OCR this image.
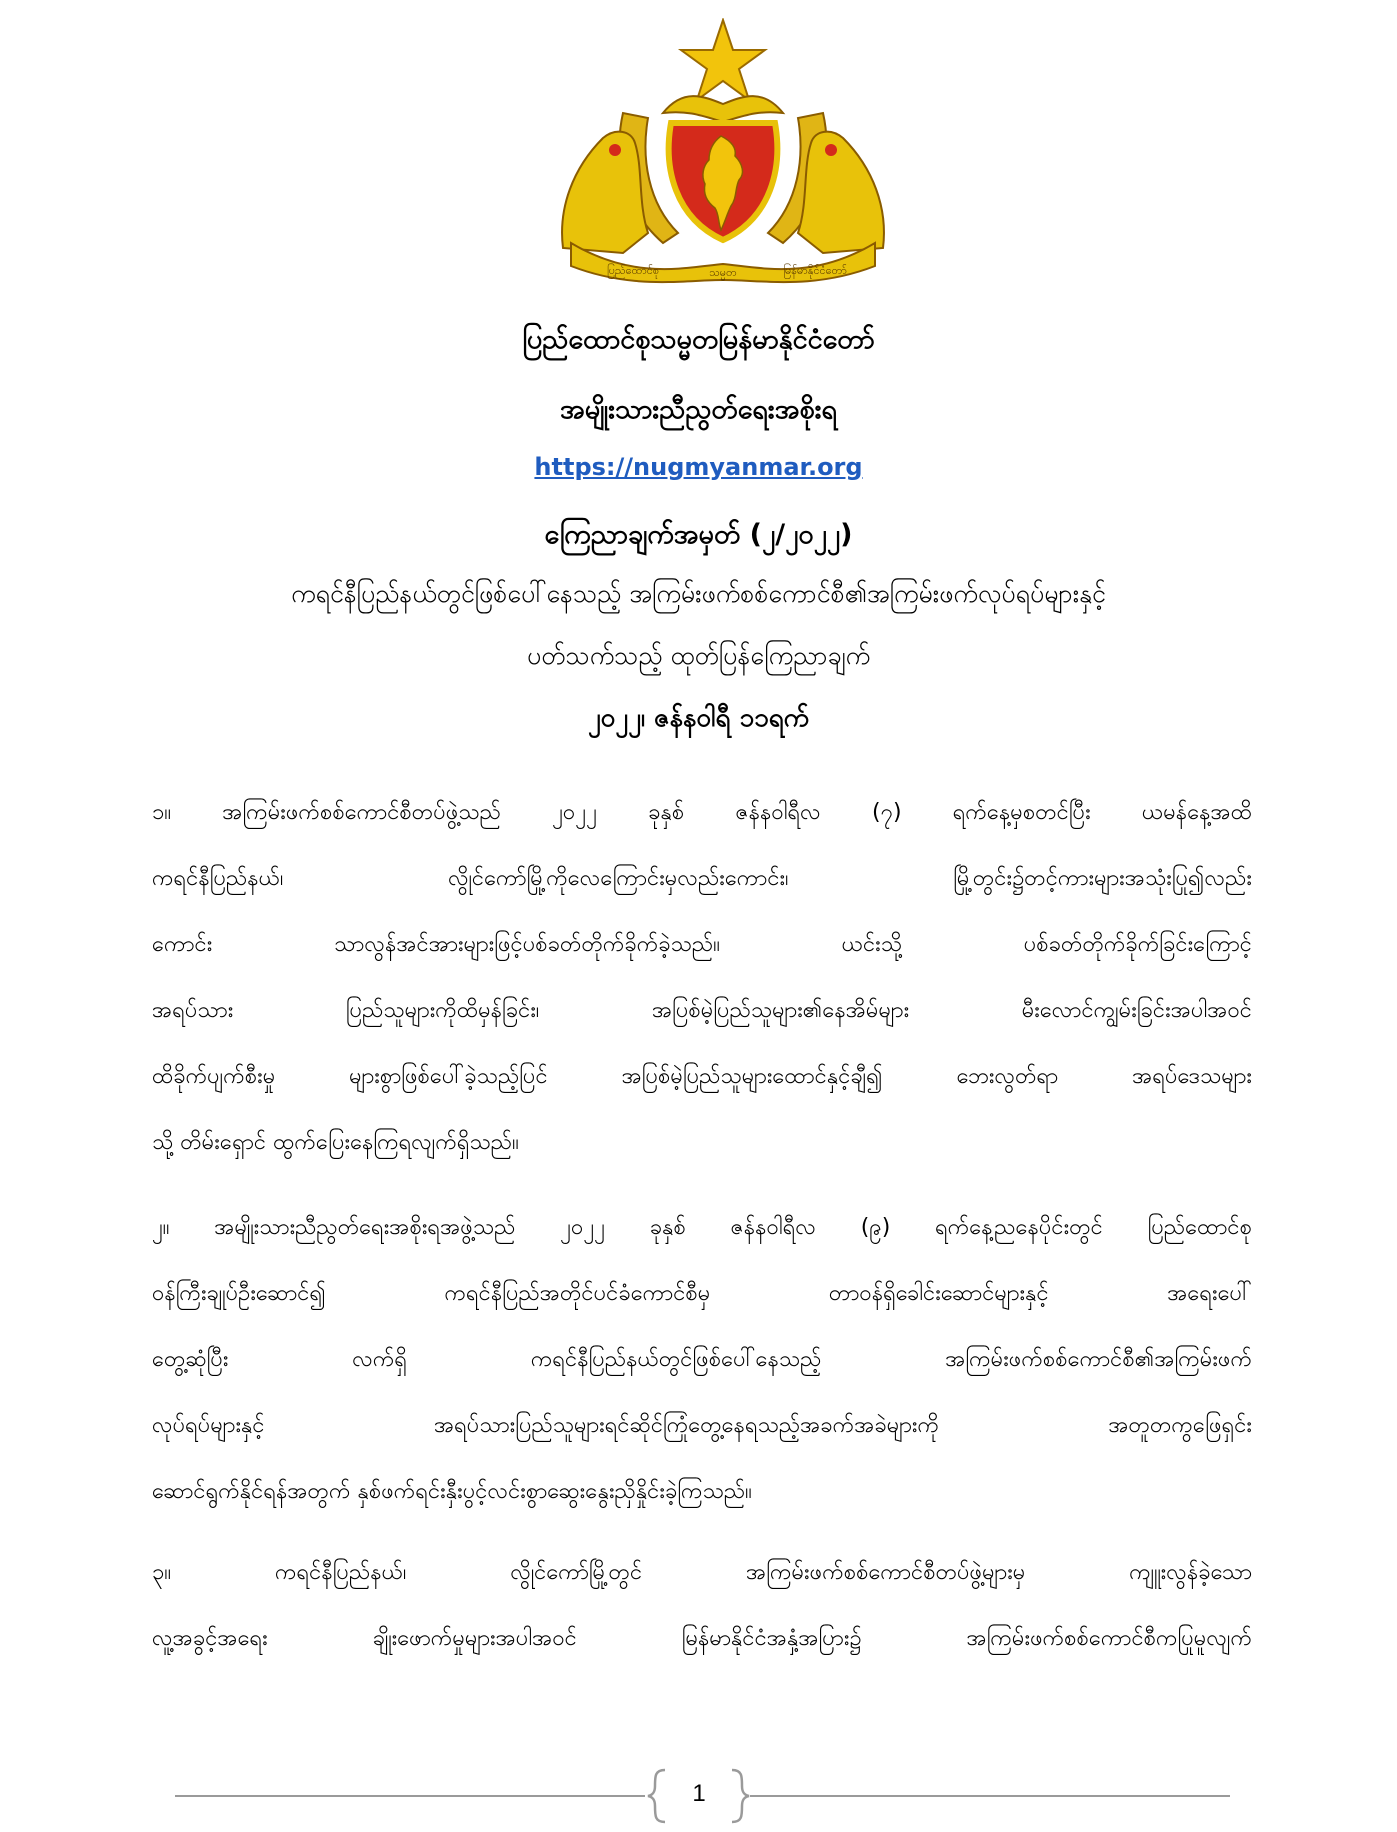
ပြည်ထောင်စု	သမ္မတ	မြန်မာနိုင်ငံတော်
ပြည်ထောင်စုသမ္မတမြန်မာနိုင်ငံတော်
အမျိုးသားညီညွတ်ရေးအစိုးရ
https://nugmyanmar.org
ကြေညာချက်အမှတ် (၂/၂၀၂၂)
ကရင်နီပြည်နယ်တွင်ဖြစ်ပေါ်နေသည့် အကြမ်းဖက်စစ်ကောင်စီ၏အကြမ်းဖက်လုပ်ရပ်များနှင့်
ပတ်သက်သည့် ထုတ်ပြန်ကြေညာချက်
၂၀၂၂၊ ဇန်နဝါရီ ၁၁ရက်
၁။ အကြမ်းဖက်စစ်ကောင်စီတပ်ဖွဲ့သည် ၂၀၂၂ ခုနှစ် ဇန်နဝါရီလ (၇) ရက်နေ့မှစတင်ပြီး ယမန်နေ့အထိ
ကရင်နီပြည်နယ်၊ လွိုင်ကော်မြို့ကိုလေကြောင်းမှလည်းကောင်း၊ မြို့တွင်း၌တင့်ကားများအသုံးပြု၍လည်း
ကောင်း သာလွန်အင်အားများဖြင့်ပစ်ခတ်တိုက်ခိုက်ခဲ့သည်။ ယင်းသို့ ပစ်ခတ်တိုက်ခိုက်ခြင်းကြောင့်
အရပ်သား ပြည်သူများကိုထိမှန်ခြင်း၊ အပြစ်မဲ့ပြည်သူများ၏နေအိမ်များ မီးလောင်ကျွမ်းခြင်းအပါအဝင်
ထိခိုက်ပျက်စီးမှု များစွာဖြစ်ပေါ်ခဲ့သည့်ပြင် အပြစ်မဲ့ပြည်သူများထောင်နှင့်ချီ၍ ဘေးလွတ်ရာ အရပ်ဒေသများ
သို့ တိမ်းရှောင် ထွက်ပြေးနေကြရလျက်ရှိသည်။
၂။ အမျိုးသားညီညွတ်ရေးအစိုးရအဖွဲ့သည် ၂၀၂၂ ခုနှစ် ဇန်နဝါရီလ (၉) ရက်နေ့ညနေပိုင်းတွင် ပြည်ထောင်စု
ဝန်ကြီးချုပ်ဦးဆောင်၍ ကရင်နီပြည်အတိုင်ပင်ခံကောင်စီမှ တာဝန်ရှိခေါင်းဆောင်များနှင့် အရေးပေါ်
တွေ့ဆုံပြီး လက်ရှိ ကရင်နီပြည်နယ်တွင်ဖြစ်ပေါ်နေသည့် အကြမ်းဖက်စစ်ကောင်စီ၏အကြမ်းဖက်
လုပ်ရပ်များနှင့် အရပ်သားပြည်သူများရင်ဆိုင်ကြုံတွေ့နေရသည့်အခက်အခဲများကို အတူတကွဖြေရှင်း
ဆောင်ရွက်နိုင်ရန်အတွက် နှစ်ဖက်ရင်းနှီးပွင့်လင်းစွာဆွေးနွေးညှိနှိုင်းခဲ့ကြသည်။
၃။ ကရင်နီပြည်နယ်၊ လွိုင်ကော်မြို့တွင် အကြမ်းဖက်စစ်ကောင်စီတပ်ဖွဲ့များမှ ကျူးလွန်ခဲ့သော
လူ့အခွင့်အရေး ချိုးဖောက်မှုများအပါအဝင် မြန်မာနိုင်ငံအနှံ့အပြား၌ အကြမ်းဖက်စစ်ကောင်စီကပြုမူလျက်
1
